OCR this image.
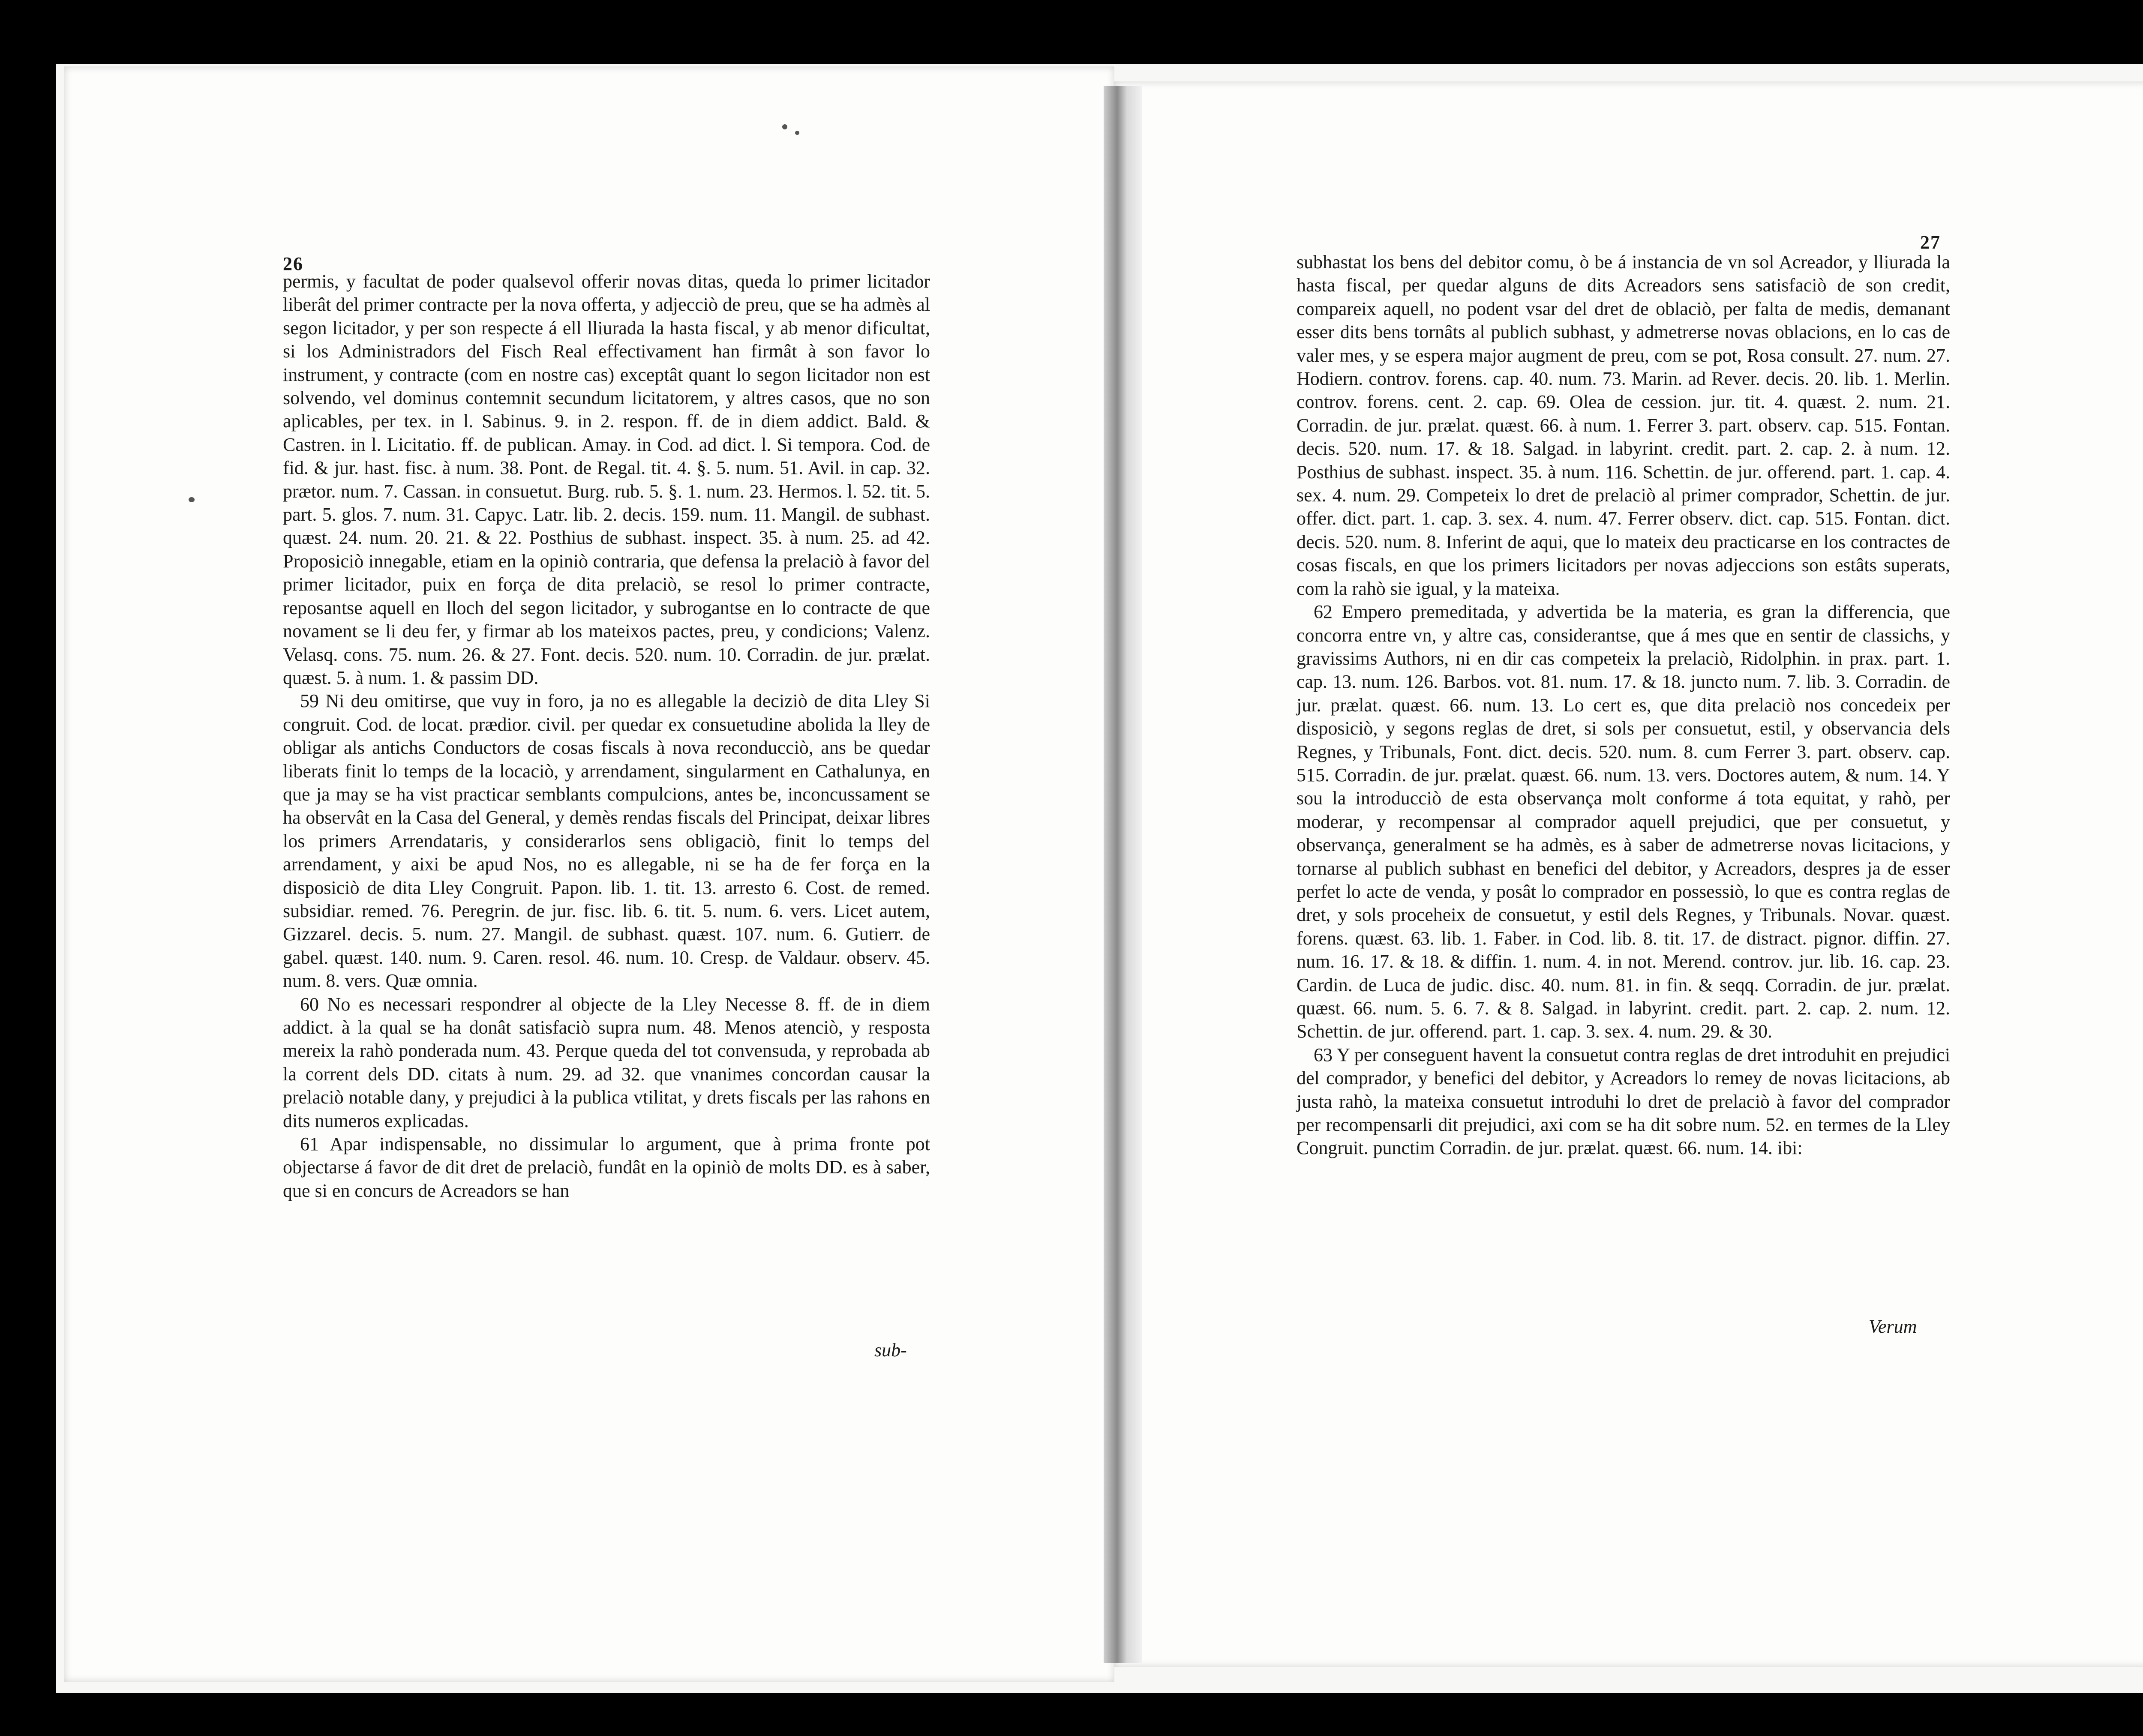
26

permis, y facultat de poder qualsevol offerir novas ditas, queda lo primer licitador liberât del primer contracte per la nova offerta, y adjecciò de preu, que se ha admès al segon licitador, y per son respecte á ell lliurada la hasta fiscal, y ab menor dificultat, si los Administradors del Fisch Real effectivament han firmât à son favor lo instrument, y contracte (com en nostre cas) exceptât quant lo segon licitador non est solvendo, vel dominus contemnit secundum licitatorem, y altres casos, que no son aplicables, per tex. in l. Sabinus. 9. in 2. respon. ff. de in diem addict. Bald. & Castren. in l. Licitatio. ff. de publican. Amay. in Cod. ad dict. l. Si tempora. Cod. de fid. & jur. hast. fisc. à num. 38. Pont. de Regal. tit. 4. §. 5. num. 51. Avil. in cap. 32. prætor. num. 7. Cassan. in consuetut. Burg. rub. 5. §. 1. num. 23. Hermos. l. 52. tit. 5. part. 5. glos. 7. num. 31. Capyc. Latr. lib. 2. decis. 159. num. 11. Mangil. de subhast. quæst. 24. num. 20. 21. & 22. Posthius de subhast. inspect. 35. à num. 25. ad 42. Proposiciò innegable, etiam en la opiniò contraria, que defensa la prelaciò à favor del primer licitador, puix en força de dita prelaciò, se resol lo primer contracte, reposantse aquell en lloch del segon licitador, y subrogantse en lo contracte de que novament se li deu fer, y firmar ab los mateixos pactes, preu, y condicions; Valenz. Velasq. cons. 75. num. 26. & 27. Font. decis. 520. num. 10. Corradin. de jur. prælat. quæst. 5. à num. 1. & passim DD.

59 Ni deu omitirse, que vuy in foro, ja no es allegable la deciziò de dita Lley Si congruit. Cod. de locat. prædior. civil. per quedar ex consuetudine abolida la lley de obligar als antichs Conductors de cosas fiscals à nova reconducciò, ans be quedar liberats finit lo temps de la locaciò, y arrendament, singularment en Cathalunya, en que ja may se ha vist practicar semblants compulcions, antes be, inconcussament se ha observât en la Casa del General, y demès rendas fiscals del Principat, deixar libres los primers Arrendataris, y considerarlos sens obligaciò, finit lo temps del arrendament, y aixi be apud Nos, no es allegable, ni se ha de fer força en la disposiciò de dita Lley Congruit. Papon. lib. 1. tit. 13. arresto 6. Cost. de remed. subsidiar. remed. 76. Peregrin. de jur. fisc. lib. 6. tit. 5. num. 6. vers. Licet autem, Gizzarel. decis. 5. num. 27. Mangil. de subhast. quæst. 107. num. 6. Gutierr. de gabel. quæst. 140. num. 9. Caren. resol. 46. num. 10. Cresp. de Valdaur. observ. 45. num. 8. vers. Quæ omnia.

60 No es necessari respondrer al objecte de la Lley Necesse 8. ff. de in diem addict. à la qual se ha donât satisfaciò supra num. 48. Menos atenciò, y resposta mereix la rahò ponderada num. 43. Perque queda del tot convensuda, y reprobada ab la corrent dels DD. citats à num. 29. ad 32. que vnanimes concordan causar la prelaciò notable dany, y prejudici à la publica vtilitat, y drets fiscals per las rahons en dits numeros explicadas.

61 Apar indispensable, no dissimular lo argument, que à prima fronte pot objectarse á favor de dit dret de prelaciò, fundât en la opiniò de molts DD. es à saber, que si en concurs de Acreadors se han

sub-
27

subhastat los bens del debitor comu, ò be á instancia de vn sol Acreador, y lliurada la hasta fiscal, per quedar alguns de dits Acreadors sens satisfaciò de son credit, compareix aquell, no podent vsar del dret de oblaciò, per falta de medis, demanant esser dits bens tornâts al publich subhast, y admetrerse novas oblacions, en lo cas de valer mes, y se espera major augment de preu, com se pot, Rosa consult. 27. num. 27. Hodiern. controv. forens. cap. 40. num. 73. Marin. ad Rever. decis. 20. lib. 1. Merlin. controv. forens. cent. 2. cap. 69. Olea de cession. jur. tit. 4. quæst. 2. num. 21. Corradin. de jur. prælat. quæst. 66. à num. 1. Ferrer 3. part. observ. cap. 515. Fontan. decis. 520. num. 17. & 18. Salgad. in labyrint. credit. part. 2. cap. 2. à num. 12. Posthius de subhast. inspect. 35. à num. 116. Schettin. de jur. offerend. part. 1. cap. 4. sex. 4. num. 29. Competeix lo dret de prelaciò al primer comprador, Schettin. de jur. offer. dict. part. 1. cap. 3. sex. 4. num. 47. Ferrer observ. dict. cap. 515. Fontan. dict. decis. 520. num. 8. Inferint de aqui, que lo mateix deu practicarse en los contractes de cosas fiscals, en que los primers licitadors per novas adjeccions son estâts superats, com la rahò sie igual, y la mateixa.

62 Empero premeditada, y advertida be la materia, es gran la differencia, que concorra entre vn, y altre cas, considerantse, que á mes que en sentir de classichs, y gravissims Authors, ni en dir cas competeix la prelaciò, Ridolphin. in prax. part. 1. cap. 13. num. 126. Barbos. vot. 81. num. 17. & 18. juncto num. 7. lib. 3. Corradin. de jur. prælat. quæst. 66. num. 13. Lo cert es, que dita prelaciò nos concedeix per disposiciò, y segons reglas de dret, si sols per consuetut, estil, y observancia dels Regnes, y Tribunals, Font. dict. decis. 520. num. 8. cum Ferrer 3. part. observ. cap. 515. Corradin. de jur. prælat. quæst. 66. num. 13. vers. Doctores autem, & num. 14. Y sou la introducciò de esta observança molt conforme á tota equitat, y rahò, per moderar, y recompensar al comprador aquell prejudici, que per consuetut, y observança, generalment se ha admès, es à saber de admetrerse novas licitacions, y tornarse al publich subhast en benefici del debitor, y Acreadors, despres ja de esser perfet lo acte de venda, y posât lo comprador en possessiò, lo que es contra reglas de dret, y sols proceheix de consuetut, y estil dels Regnes, y Tribunals. Novar. quæst. forens. quæst. 63. lib. 1. Faber. in Cod. lib. 8. tit. 17. de distract. pignor. diffin. 27. num. 16. 17. & 18. & diffin. 1. num. 4. in not. Merend. controv. jur. lib. 16. cap. 23. Cardin. de Luca de judic. disc. 40. num. 81. in fin. & seqq. Corradin. de jur. prælat. quæst. 66. num. 5. 6. 7. & 8. Salgad. in labyrint. credit. part. 2. cap. 2. num. 12. Schettin. de jur. offerend. part. 1. cap. 3. sex. 4. num. 29. & 30.

63 Y per conseguent havent la consuetut contra reglas de dret introduhit en prejudici del comprador, y benefici del debitor, y Acreadors lo remey de novas licitacions, ab justa rahò, la mateixa consuetut introduhi lo dret de prelaciò à favor del comprador per recompensarli dit prejudici, axi com se ha dit sobre num. 52. en termes de la Lley Congruit. punctim Corradin. de jur. prælat. quæst. 66. num. 14. ibi:

Verum
